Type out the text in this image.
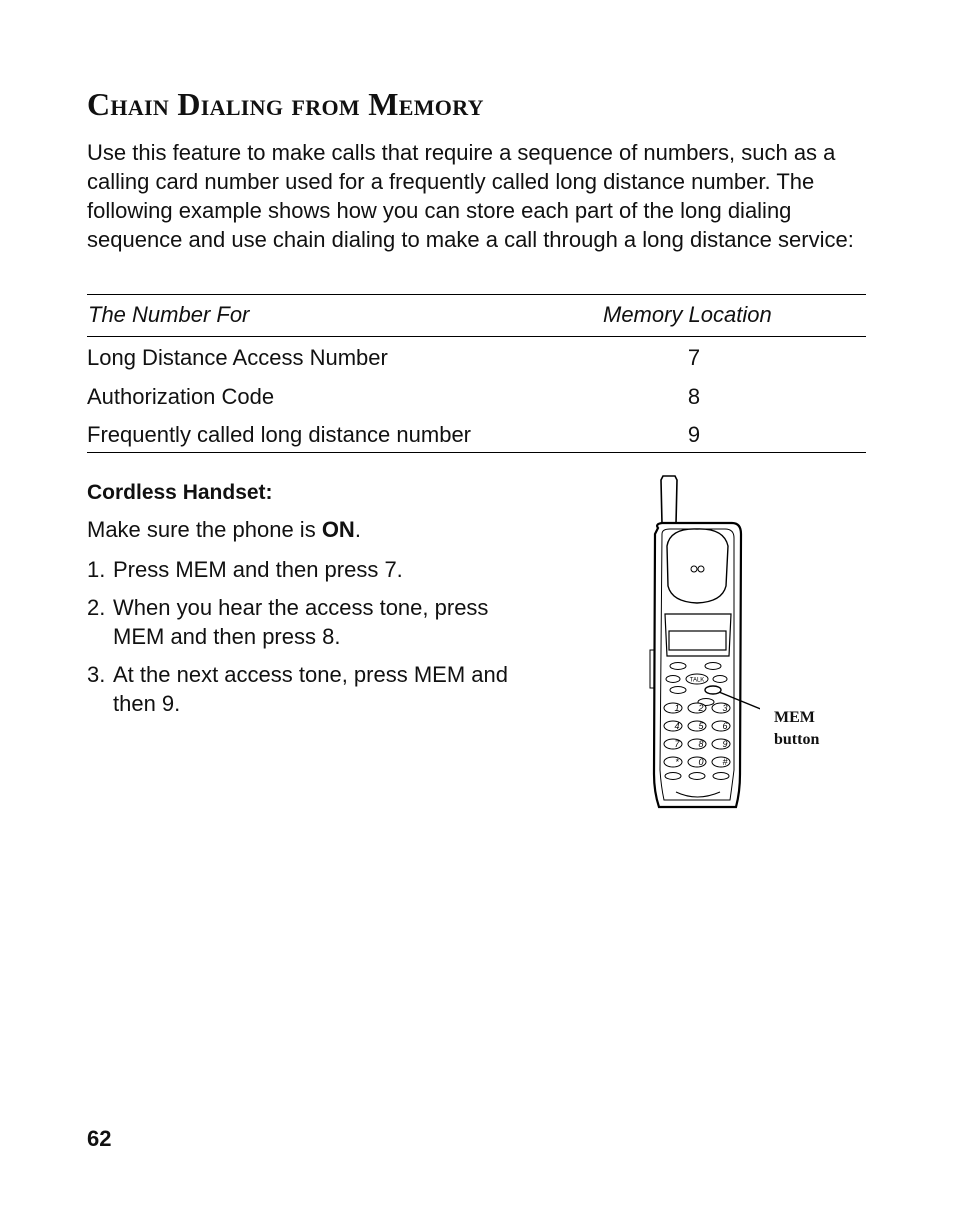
Chain Dialing from Memory

Use this feature to make calls that require a sequence of numbers, such as a calling card number used for a frequently called long distance number. The following example shows how you can store each part of the long dialing sequence and use chain dialing to make a call through a long distance service:

The Number For	Memory Location
Long Distance Access Number	7
Authorization Code	8
Frequently called long distance number	9
Cordless Handset:

Make sure the phone is ON.

1. Press MEM and then press 7.
2. When you hear the access tone, press MEM and then press 8.
3. At the next access tone, press MEM and then 9.
TALK
1 2 3
4 5 6
7 8 9
* 0 #
MEM
button
62
